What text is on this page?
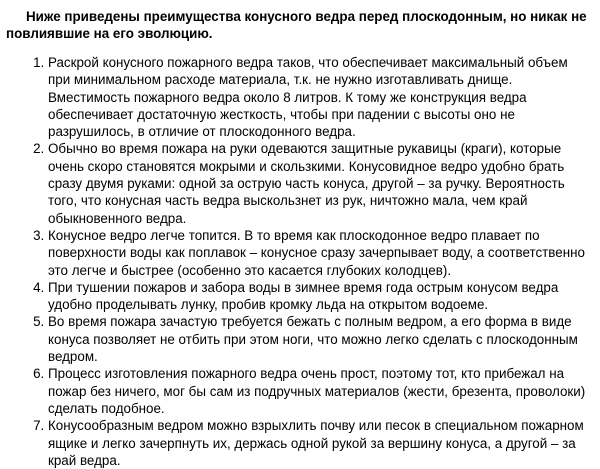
Ниже приведены преимущества конусного ведра перед плоскодонным, но никак не повлиявшие на его эволюцию.

1. Раскрой конусного пожарного ведра таков, что обеспечивает максимальный объем при минимальном расходе материала, т.к. не нужно изготавливать днище. Вместимость пожарного ведра около 8 литров. К тому же конструкция ведра обеспечивает достаточную жесткость, чтобы при падении с высоты оно не разрушилось, в отличие от плоскодонного ведра.
2. Обычно во время пожара на руки одеваются защитные рукавицы (краги), которые очень скоро становятся мокрыми и скользкими. Конусовидное ведро удобно брать сразу двумя руками: одной за острую часть конуса, другой – за ручку. Вероятность того, что конусная часть ведра выскользнет из рук, ничтожно мала, чем край обыкновенного ведра.
3. Конусное ведро легче топится. В то время как плоскодонное ведро плавает по поверхности воды как поплавок – конусное сразу зачерпывает воду, а соответственно это легче и быстрее (особенно это касается глубоких колодцев).
4. При тушении пожаров и забора воды в зимнее время года острым конусом ведра удобно проделывать лунку, пробив кромку льда на открытом водоеме.
5. Во время пожара зачастую требуется бежать с полным ведром, а его форма в виде конуса позволяет не отбить при этом ноги, что можно легко сделать с плоскодонным ведром.
6. Процесс изготовления пожарного ведра очень прост, поэтому тот, кто прибежал на пожар без ничего, мог бы сам из подручных материалов (жести, брезента, проволоки) сделать подобное.
7. Конусообразным ведром можно взрыхлить почву или песок в специальном пожарном ящике и легко зачерпнуть их, держась одной рукой за вершину конуса, а другой – за край ведра.
